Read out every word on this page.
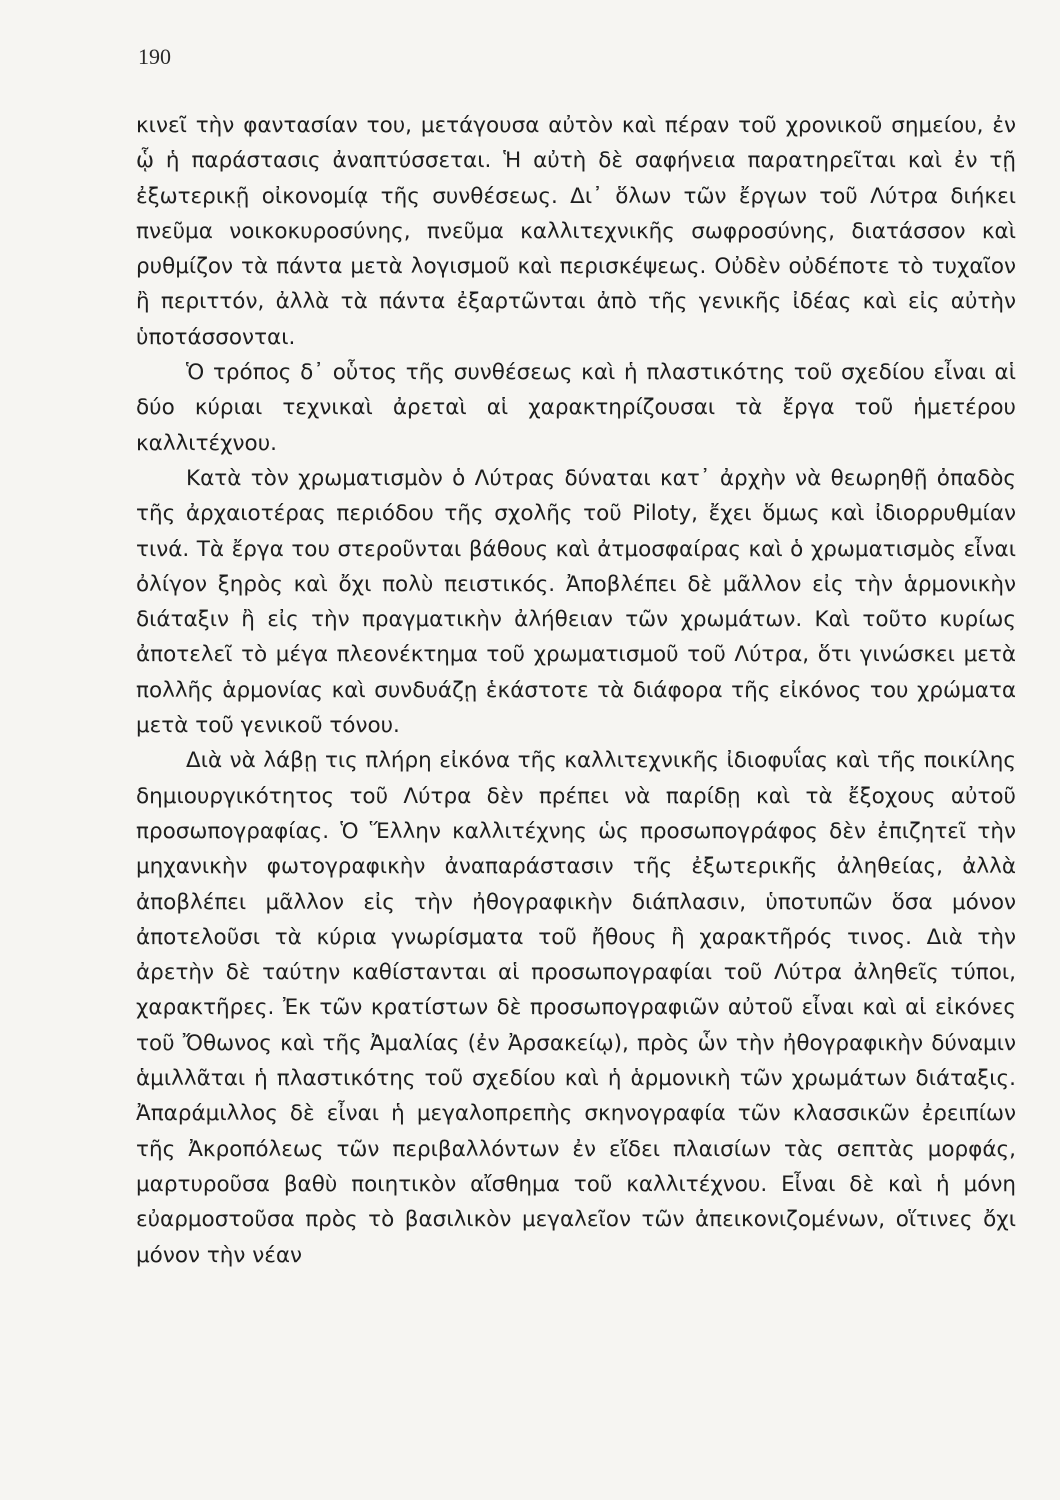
190

κινεῖ τὴν φαντασίαν του, μετάγουσα αὐτὸν καὶ πέραν τοῦ χρονικοῦ σημείου, ἐν ᾧ ἡ παράστασις ἀναπτύσσεται. Ἡ αὐτὴ δὲ σαφήνεια παρατηρεῖται καὶ ἐν τῇ ἐξωτερικῇ οἰκονομίᾳ τῆς συνθέσεως. Δι᾽ ὅλων τῶν ἔργων τοῦ Λύτρα διήκει πνεῦμα νοικοκυροσύνης, πνεῦμα καλλιτεχνικῆς σωφροσύνης, διατάσσον καὶ ρυθμίζον τὰ πάντα μετὰ λογισμοῦ καὶ περισκέψεως. Οὐδὲν οὐδέποτε τὸ τυχαῖον ἢ περιττόν, ἀλλὰ τὰ πάντα ἐξαρτῶνται ἀπὸ τῆς γενικῆς ἰδέας καὶ εἰς αὐτὴν ὑποτάσσονται.

Ὁ τρόπος δ᾽ οὗτος τῆς συνθέσεως καὶ ἡ πλαστικότης τοῦ σχεδίου εἶναι αἱ δύο κύριαι τεχνικαὶ ἀρεταὶ αἱ χαρακτηρίζουσαι τὰ ἔργα τοῦ ἡμετέρου καλλιτέχνου.

Κατὰ τὸν χρωματισμὸν ὁ Λύτρας δύναται κατ᾽ ἀρχὴν νὰ θεωρηθῇ ὀπαδὸς τῆς ἀρχαιοτέρας περιόδου τῆς σχολῆς τοῦ Piloty, ἔχει ὅμως καὶ ἰδιορρυθμίαν τινά. Τὰ ἔργα του στεροῦνται βάθους καὶ ἀτμοσφαίρας καὶ ὁ χρωματισμὸς εἶναι ὀλίγον ξηρὸς καὶ ὄχι πολὺ πειστικός. Ἀποβλέπει δὲ μᾶλλον εἰς τὴν ἁρμονικὴν διάταξιν ἢ εἰς τὴν πραγματικὴν ἀλήθειαν τῶν χρωμάτων. Καὶ τοῦτο κυρίως ἀποτελεῖ τὸ μέγα πλεονέκτημα τοῦ χρωματισμοῦ τοῦ Λύτρα, ὅτι γινώσκει μετὰ πολλῆς ἁρμονίας καὶ συνδυάζῃ ἑκάστοτε τὰ διάφορα τῆς εἰκόνος του χρώματα μετὰ τοῦ γενικοῦ τόνου.

Διὰ νὰ λάβῃ τις πλήρη εἰκόνα τῆς καλλιτεχνικῆς ἰδιοφυΐας καὶ τῆς ποικίλης δημιουργικότητος τοῦ Λύτρα δὲν πρέπει νὰ παρίδῃ καὶ τὰ ἔξοχους αὐτοῦ προσωπογραφίας. Ὁ Ἕλλην καλλιτέχνης ὡς προσωπογράφος δὲν ἐπιζητεῖ τὴν μηχανικὴν φωτογραφικὴν ἀναπαράστασιν τῆς ἐξωτερικῆς ἀληθείας, ἀλλὰ ἀποβλέπει μᾶλλον εἰς τὴν ἠθογραφικὴν διάπλασιν, ὑποτυπῶν ὅσα μόνον ἀποτελοῦσι τὰ κύρια γνωρίσματα τοῦ ἤθους ἢ χαρακτῆρός τινος. Διὰ τὴν ἀρετὴν δὲ ταύτην καθίστανται αἱ προσωπογραφίαι τοῦ Λύτρα ἀληθεῖς τύποι, χαρακτῆρες. Ἐκ τῶν κρατίστων δὲ προσωπογραφιῶν αὐτοῦ εἶναι καὶ αἱ εἰκόνες τοῦ Ὄθωνος καὶ τῆς Ἀμαλίας (ἐν Ἀρσακείῳ), πρὸς ὧν τὴν ἠθογραφικὴν δύναμιν ἁμιλλᾶται ἡ πλαστικότης τοῦ σχεδίου καὶ ἡ ἁρμονικὴ τῶν χρωμάτων διάταξις. Ἀπαράμιλλος δὲ εἶναι ἡ μεγαλοπρεπὴς σκηνογραφία τῶν κλασσικῶν ἐρειπίων τῆς Ἀκροπόλεως τῶν περιβαλλόντων ἐν εἴδει πλαισίων τὰς σεπτὰς μορφάς, μαρτυροῦσα βαθὺ ποιητικὸν αἴσθημα τοῦ καλλιτέχνου. Εἶναι δὲ καὶ ἡ μόνη εὐαρμοστοῦσα πρὸς τὸ βασιλικὸν μεγαλεῖον τῶν ἀπεικονιζομένων, οἵτινες ὄχι μόνον τὴν νέαν
